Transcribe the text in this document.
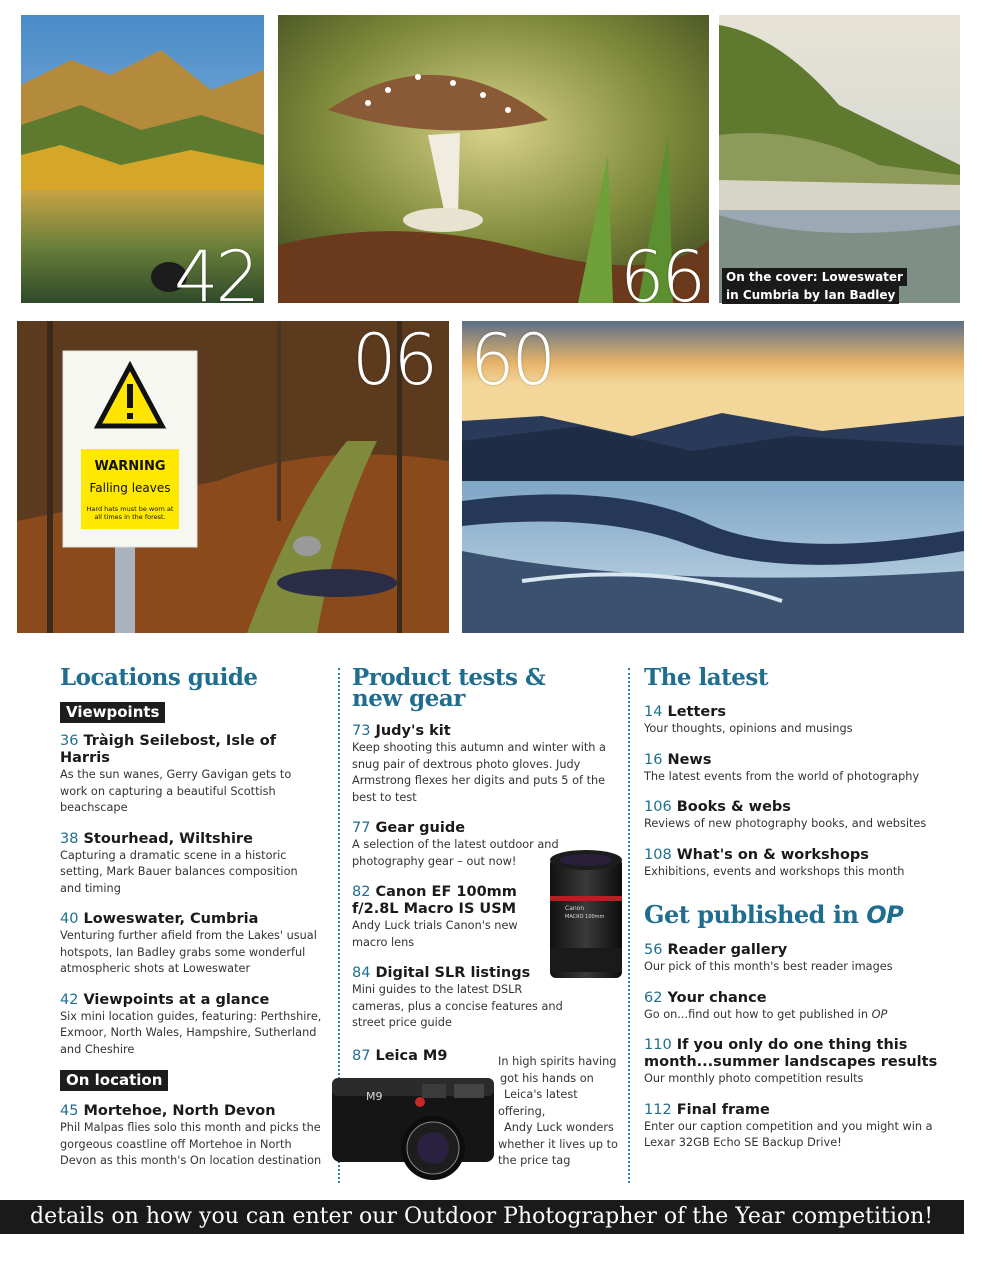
42	66	On the cover: Loweswater
in Cumbria by Ian Badley
WARNING
Falling leaves
Hard hats must be worn at all times in the forest.
06 60
Locations guide
Viewpoints
36 Tràigh Seilebost, Isle of Harris
As the sun wanes, Gerry Gavigan gets to work on capturing a beautiful Scottish beachscape
38 Stourhead, Wiltshire
Capturing a dramatic scene in a historic setting, Mark Bauer balances composition and timing
40 Loweswater, Cumbria
Venturing further afield from the Lakes' usual hotspots, Ian Badley grabs some wonderful atmospheric shots at Loweswater
42 Viewpoints at a glance
Six mini location guides, featuring: Perthshire, Exmoor, North Wales, Hampshire, Sutherland and Cheshire
On location
45 Mortehoe, North Devon
Phil Malpas flies solo this month and picks the gorgeous coastline off Mortehoe in North Devon as this month's On location destination
Product tests &
new gear
73 Judy's kit
Keep shooting this autumn and winter with a snug pair of dextrous photo gloves. Judy Armstrong flexes her digits and puts 5 of the best to test
77 Gear guide
A selection of the latest outdoor and photography gear – out now!
82 Canon EF 100mm
f/2.8L Macro IS USM
Andy Luck trials Canon's new
macro lens
84 Digital SLR listings
Mini guides to the latest DSLR
cameras, plus a concise features and
street price guide
87 Leica M9	In high spirits having
got his hands on
Leica's latest offering,
Andy Luck wonders
whether it lives up to
the price tag
Canon
MACRO 100mm
M9
The latest
14 Letters
Your thoughts, opinions and musings
16 News
The latest events from the world of photography
106 Books & webs
Reviews of new photography books, and websites
108 What's on & workshops
Exhibitions, events and workshops this month
Get published in OP
56 Reader gallery
Our pick of this month's best reader images
62 Your chance
Go on...find out how to get published in OP
110 If you only do one thing this
month...summer landscapes results
Our monthly photo competition results
112 Final frame
Enter our caption competition and you might win a Lexar 32GB Echo SE Backup Drive!
details on how you can enter our Outdoor Photographer of the Year competition!
